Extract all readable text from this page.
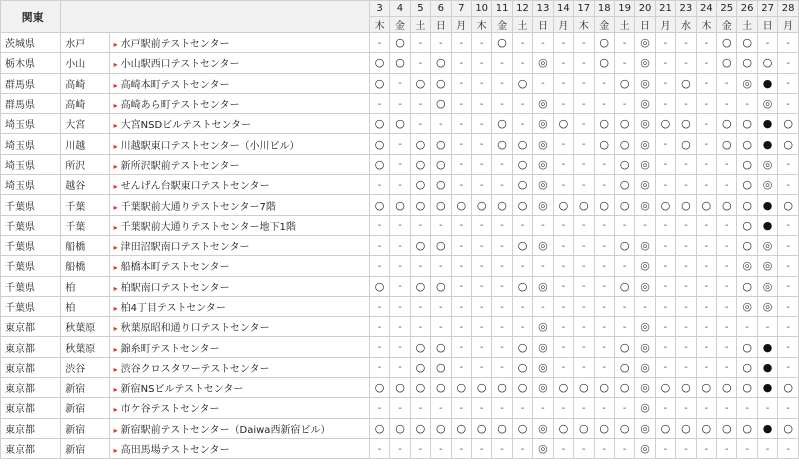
関東			3	4	5	6	7	10	11	12	13	14	17	18	19	20	21	23	24	25	26	27	28
			木	金	土	日	月	木	金	土	日	月	木	金	土	日	月	水	木	金	土	日	月
茨城県	水戸	▸ 水戸駅前テストセンター	-	○	-	-	-	-	○	-	-	-	-	○	-	◎	-	-	-	○	○	-	-
栃木県	小山	▸ 小山駅西口テストセンター	○	○	-	○	-	-	-	-	◎	-	-	○	-	◎	-	-	-	○	○	○	-
群馬県	高崎	▸ 高崎本町テストセンター	○	-	○	○	-	-	-	○	-	-	-	-	○	◎	-	○	-	-	◎	●	-
群馬県	高崎	▸ 高崎あら町テストセンター	-	-	-	○	-	-	-	-	◎	-	-	-	-	◎	-	-	-	-	-	◎	-
埼玉県	大宮	▸ 大宮NSDビルテストセンター	○	○	-	-	-	-	○	-	◎	○	-	○	○	◎	○	○	-	○	○	●	○
埼玉県	川越	▸ 川越駅東口テストセンター（小川ビル）	○	-	○	○	-	-	○	○	◎	-	-	○	○	◎	-	○	-	○	○	●	○
埼玉県	所沢	▸ 新所沢駅前テストセンター	○	-	○	○	-	-	-	○	◎	-	-	-	○	◎	-	-	-	-	○	◎	-
埼玉県	越谷	▸ せんげん台駅東口テストセンター	-	-	○	○	-	-	-	○	◎	-	-	-	○	◎	-	-	-	-	○	◎	-
千葉県	千葉	▸ 千葉駅前大通りテストセンター7階	○	○	○	○	○	○	○	○	◎	○	○	○	○	◎	○	○	○	○	○	●	○
千葉県	千葉	▸ 千葉駅前大通りテストセンター地下1階	-	-	-	-	-	-	-	-	-	-	-	-	-	-	-	-	-	-	○	●	-
千葉県	船橋	▸ 津田沼駅南口テストセンター	-	-	○	○	-	-	-	○	◎	-	-	-	○	◎	-	-	-	-	○	◎	-
千葉県	船橋	▸ 船橋本町テストセンター	-	-	-	-	-	-	-	-	-	-	-	-	-	◎	-	-	-	-	◎	◎	-
千葉県	柏	▸ 柏駅南口テストセンター	○	-	○	○	-	-	-	○	◎	-	-	-	○	◎	-	-	-	-	○	◎	-
千葉県	柏	▸ 柏4丁目テストセンター	-	-	-	-	-	-	-	-	-	-	-	-	-	-	-	-	-	-	◎	◎	-
東京都	秋葉原	▸ 秋葉原昭和通り口テストセンター	-	-	-	-	-	-	-	-	◎	-	-	-	-	◎	-	-	-	-	-	-	-
東京都	秋葉原	▸ 錦糸町テストセンター	-	-	○	○	-	-	-	○	◎	-	-	-	○	◎	-	-	-	-	○	●	-
東京都	渋谷	▸ 渋谷クロスタワーテストセンター	-	-	○	○	-	-	-	○	◎	-	-	-	○	◎	-	-	-	-	○	●	-
東京都	新宿	▸ 新宿NSビルテストセンター	○	○	○	○	○	○	○	○	◎	○	○	○	○	◎	○	○	○	○	○	●	○
東京都	新宿	▸ 市ケ谷テストセンター	-	-	-	-	-	-	-	-	-	-	-	-	-	◎	-	-	-	-	-	-	-
東京都	新宿	▸ 新宿駅前テストセンター（Daiwa西新宿ビル）	○	○	○	○	○	○	○	○	◎	○	○	○	○	◎	○	○	○	○	○	●	○
東京都	新宿	▸ 高田馬場テストセンター	-	-	-	-	-	-	-	-	◎	-	-	-	-	◎	-	-	-	-	-	-	-
